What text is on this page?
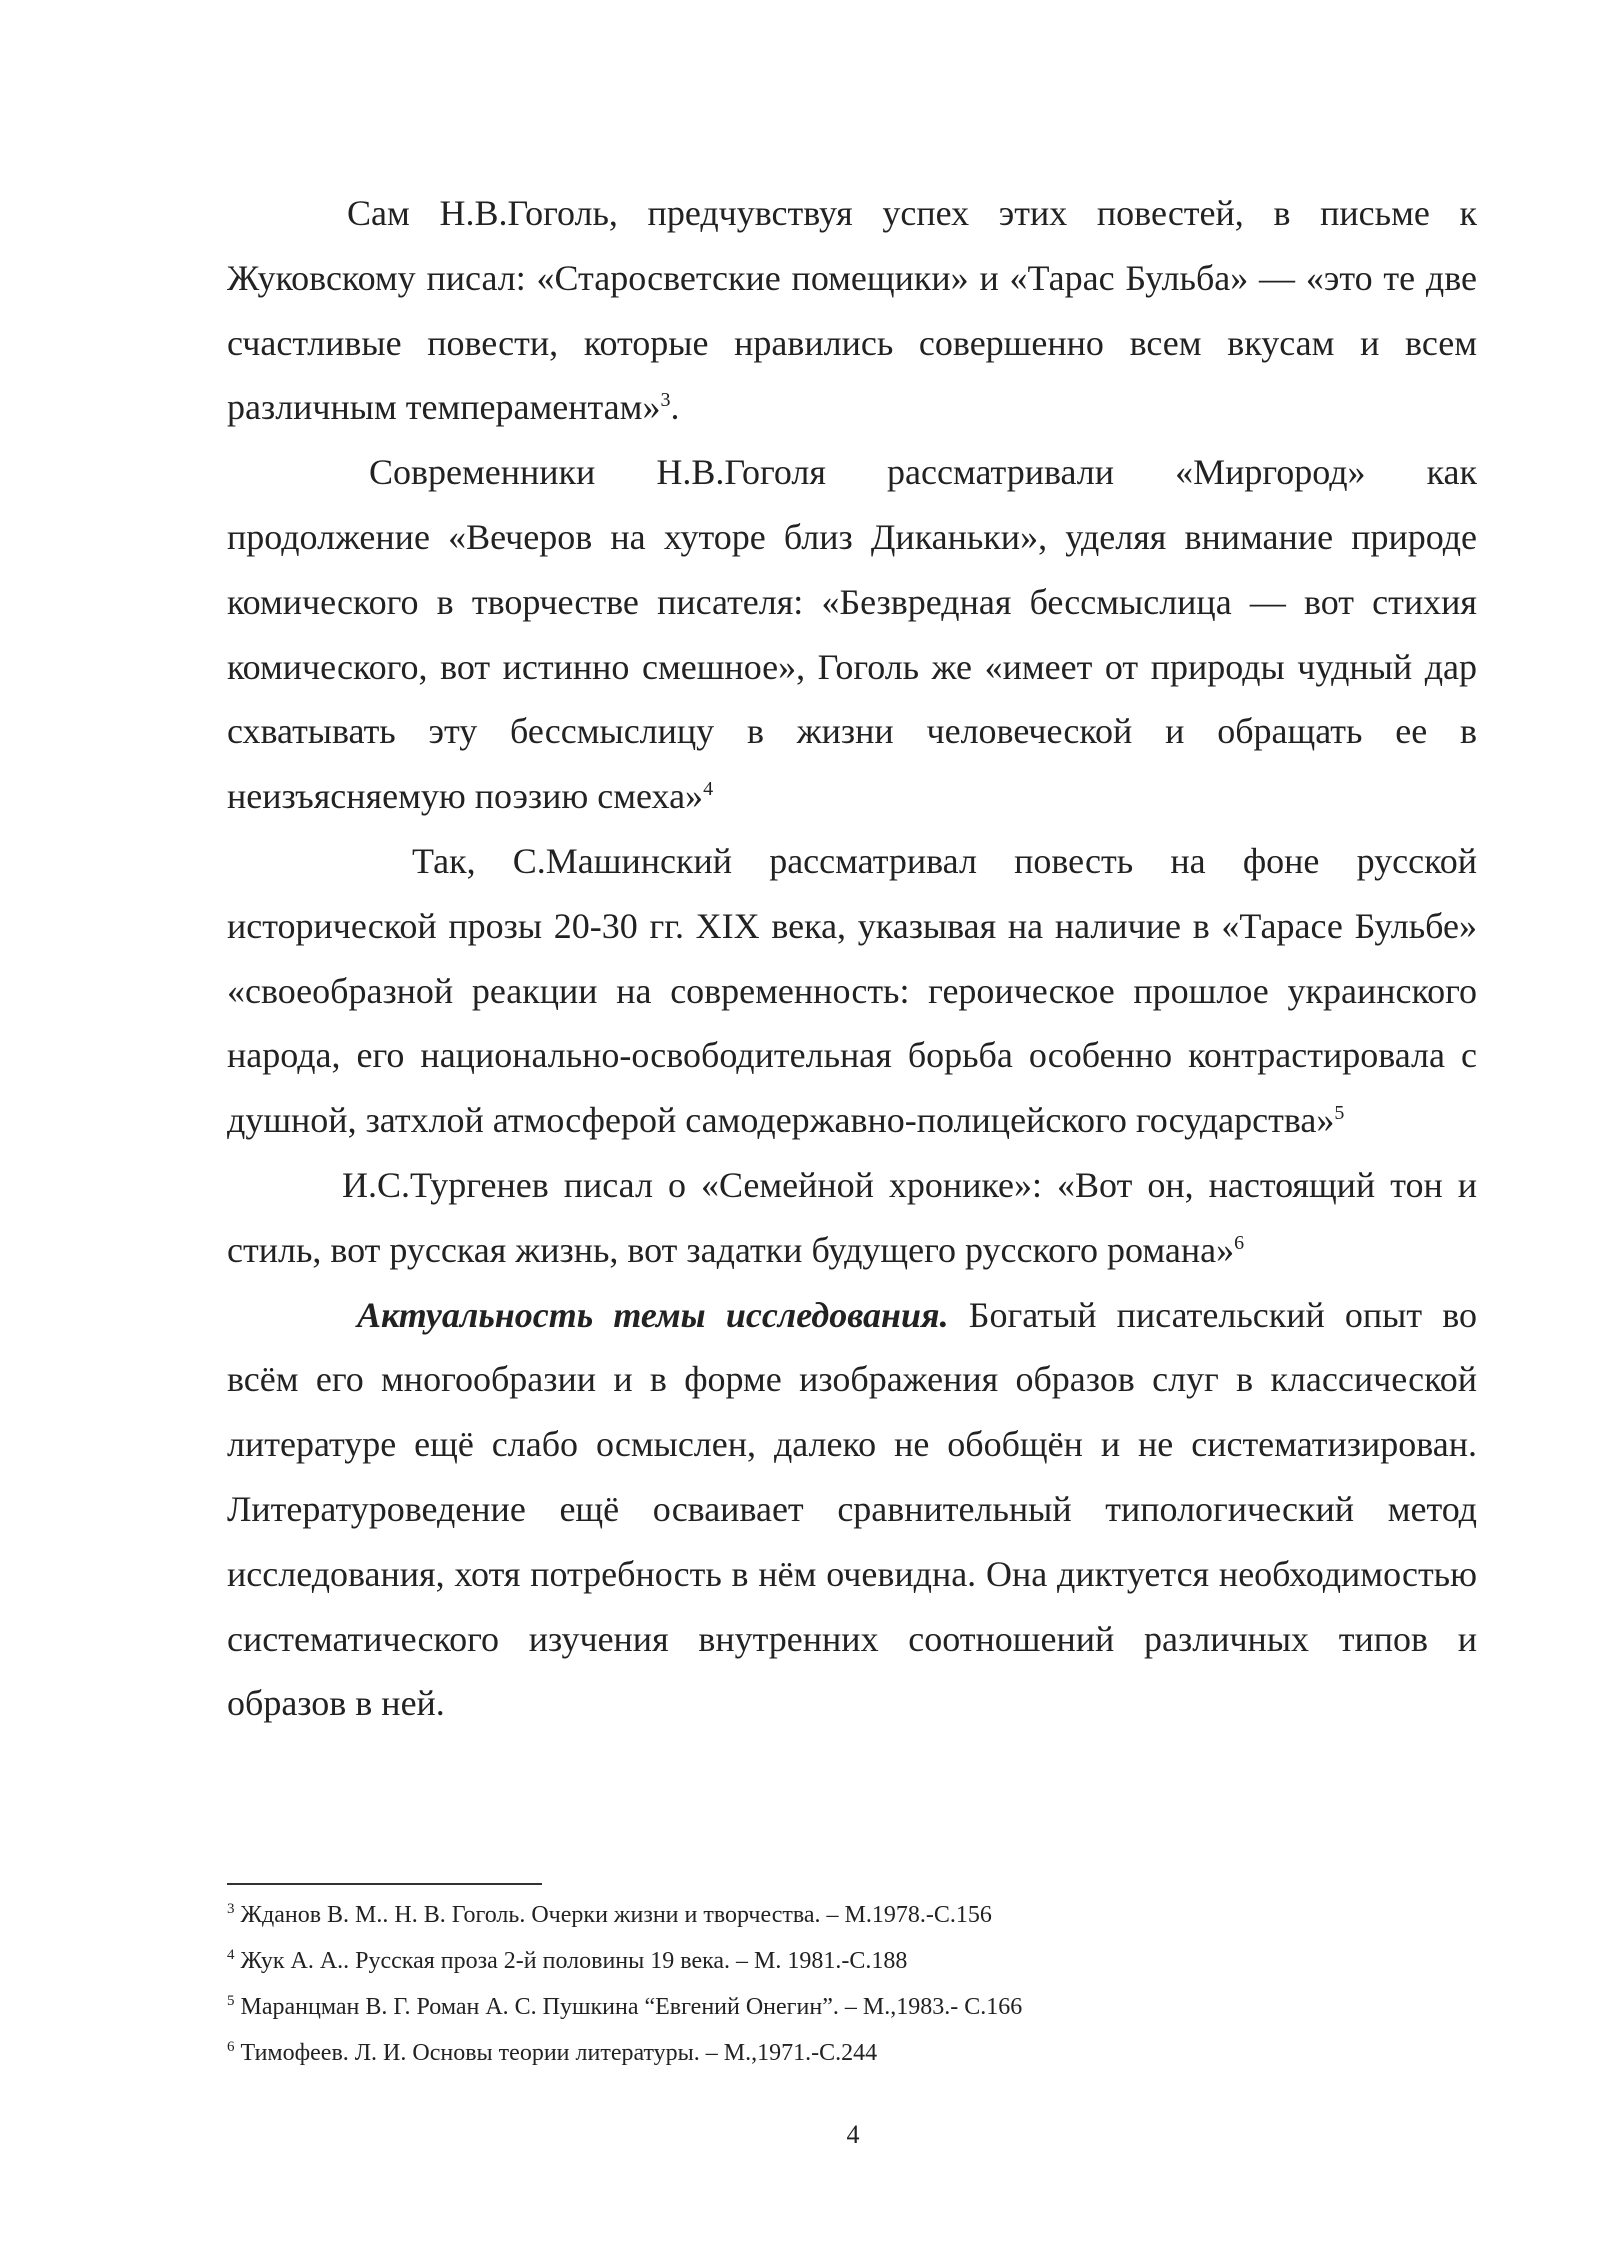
Сам Н.В.Гоголь, предчувствуя успех этих повестей, в письме к Жуковскому писал: «Старосветские помещики» и «Тарас Бульба» — «это те две счастливые повести, которые нравились совершенно всем вкусам и всем различным темпераментам»$^3$.

Современники Н.В.Гоголя рассматривали «Миргород» как продолжение «Вечеров на хуторе близ Диканьки», уделяя внимание природе комического в творчестве писателя: «Безвредная бессмыслица — вот стихия комического, вот истинно смешное», Гоголь же «имеет от природы чудный дар схватывать эту бессмыслицу в жизни человеческой и обращать ее в неизъясняемую поэзию смеха»$^4$

Так, С.Машинский рассматривал повесть на фоне русской исторической прозы 20-30 гг. XIX века, указывая на наличие в «Тарасе Бульбе» «своеобразной реакции на современность: героическое прошлое украинского народа, его национально-освободительная борьба особенно контрастировала с душной, затхлой атмосферой самодержавно-полицейского государства»$^5$

И.С.Тургенев писал о «Семейной хронике»: «Вот он, настоящий тон и стиль, вот русская жизнь, вот задатки будущего русского романа»$^6$

Актуальность темы исследования. Богатый писательский опыт во всём его многообразии и в форме изображения образов слуг в классической литературе ещё слабо осмыслен, далеко не обобщён и не систематизирован. Литературоведение ещё осваивает сравнительный типологический метод исследования, хотя потребность в нём очевидна. Она диктуется необходимостью систематического изучения внутренних соотношений различных типов и образов в ней.

$^3$ Жданов В. М.. Н. В. Гоголь. Очерки жизни и творчества. – М.1978.-С.156

$^4$ Жук А. А.. Русская проза 2-й половины 19 века. – М. 1981.-С.188

$^5$ Маранцман В. Г. Роман А. С. Пушкина “Евгений Онегин”. – М.,1983.- С.166

$^6$ Тимофеев. Л. И. Основы теории литературы. – М.,1971.-С.244

4
